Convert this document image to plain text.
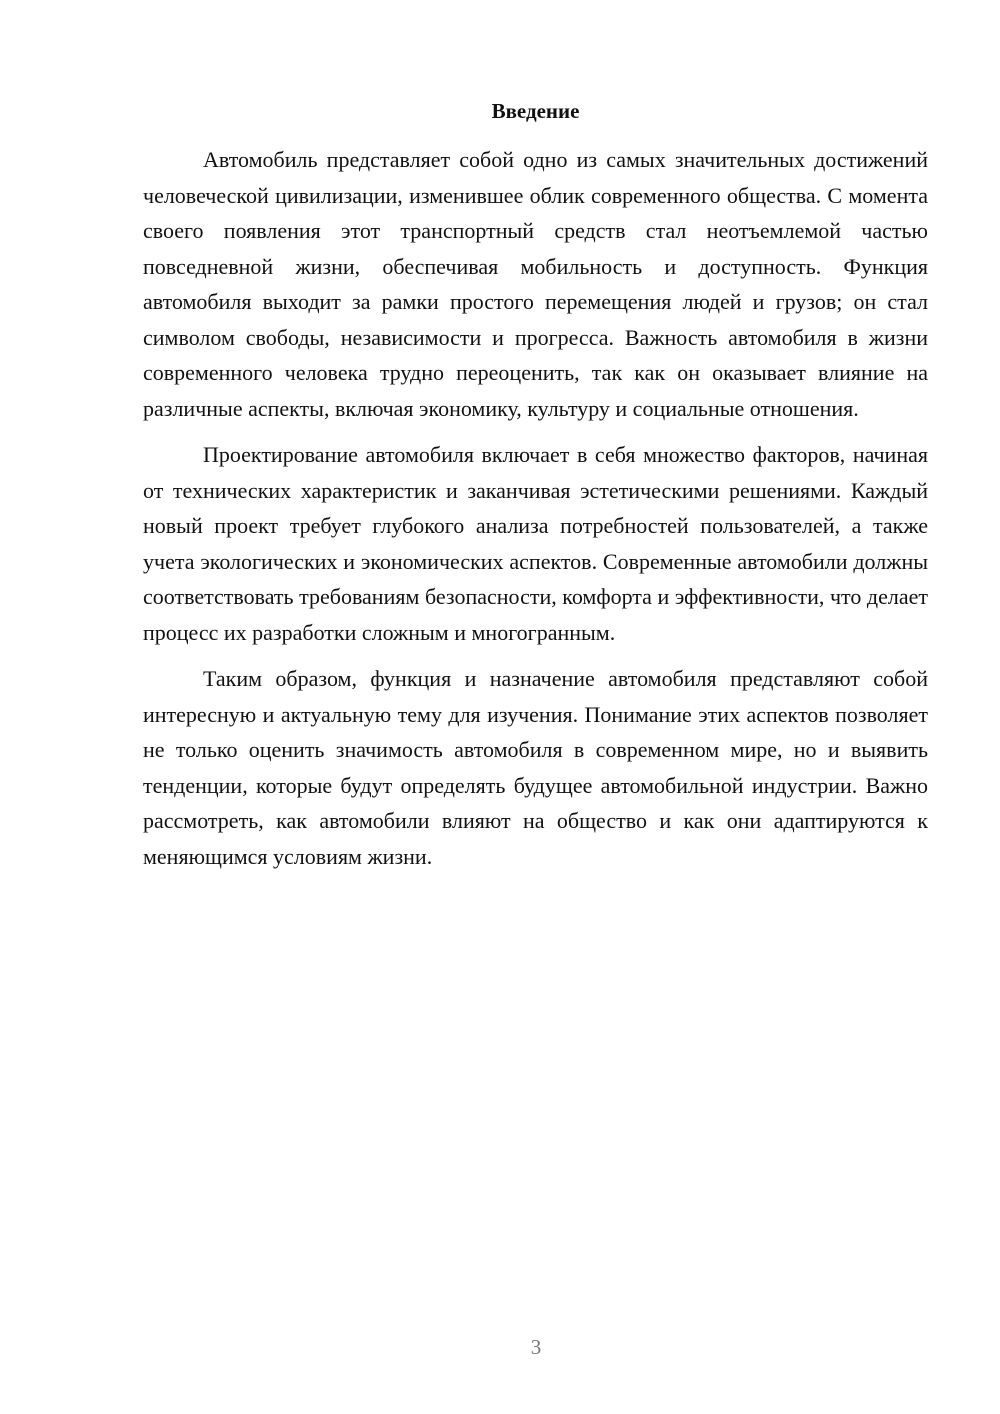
Введение

Автомобиль представляет собой одно из самых значительных достижений человеческой цивилизации, изменившее облик современного общества. С момента своего появления этот транспортный средств стал неотъемлемой частью повседневной жизни, обеспечивая мобильность и доступность. Функция автомобиля выходит за рамки простого перемещения людей и грузов; он стал символом свободы, независимости и прогресса. Важность автомобиля в жизни современного человека трудно переоценить, так как он оказывает влияние на различные аспекты, включая экономику, культуру и социальные отношения.

Проектирование автомобиля включает в себя множество факторов, начиная от технических характеристик и заканчивая эстетическими решениями. Каждый новый проект требует глубокого анализа потребностей пользователей, а также учета экологических и экономических аспектов. Современные автомобили должны соответствовать требованиям безопасности, комфорта и эффективности, что делает процесс их разработки сложным и многогранным.

Таким образом, функция и назначение автомобиля представляют собой интересную и актуальную тему для изучения. Понимание этих аспектов позволяет не только оценить значимость автомобиля в современном мире, но и выявить тенденции, которые будут определять будущее автомобильной индустрии. Важно рассмотреть, как автомобили влияют на общество и как они адаптируются к меняющимся условиям жизни.

3
